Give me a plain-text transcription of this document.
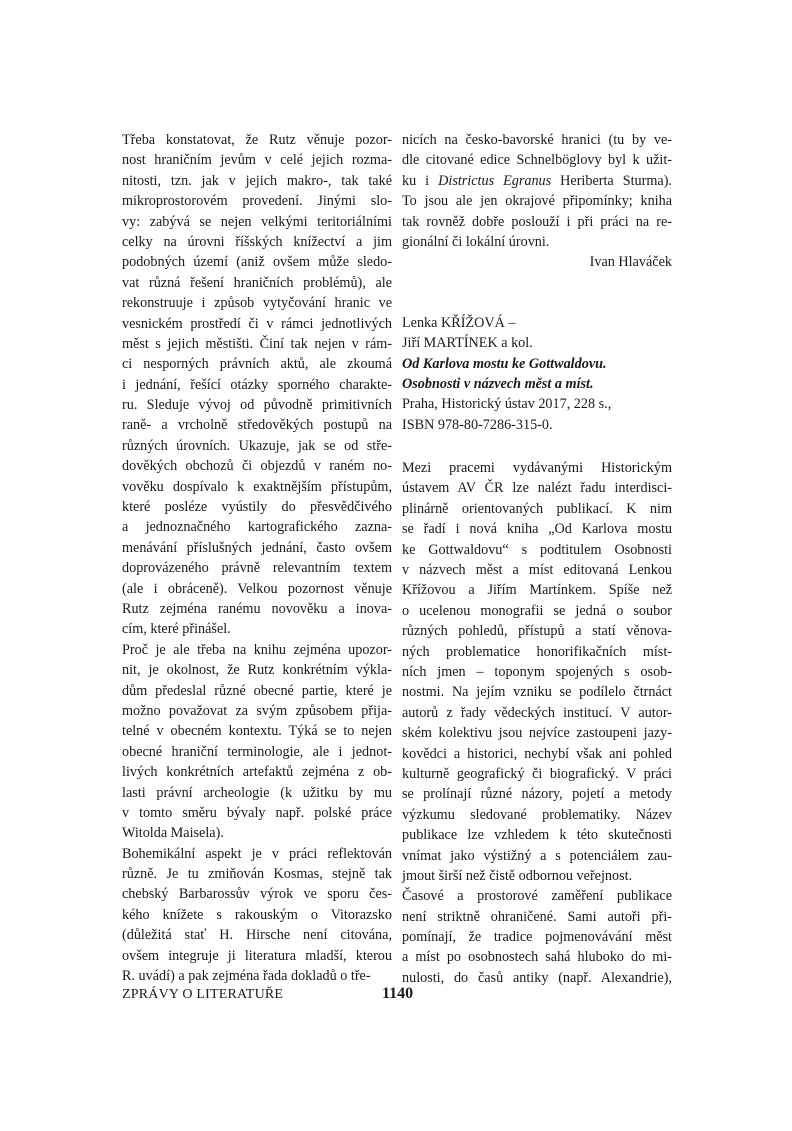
Třeba konstatovat, že Rutz věnuje pozor-
nost hraničním jevům v celé jejich rozma-
nitosti, tzn. jak v jejich makro-, tak také
mikroprostorovém provedení. Jinými slo-
vy: zabývá se nejen velkými teritoriálními
celky na úrovni říšských knížectví a jim
podobných území (aniž ovšem může sledo-
vat různá řešení hraničních problémů), ale
rekonstruuje i způsob vytyčování hranic ve
vesnickém prostředí či v rámci jednotlivých
měst s jejich městišti. Činí tak nejen v rám-
ci nesporných právních aktů, ale zkoumá
i jednání, řešící otázky sporného charakte-
ru. Sleduje vývoj od původně primitivních
raně- a vrcholně středověkých postupů na
různých úrovních. Ukazuje, jak se od stře-
dověkých obchozů či objezdů v raném no-
vověku dospívalo k exaktnějším přístupům,
které posléze vyústily do přesvědčivého
a jednoznačného kartografického zazna-
menávání příslušných jednání, často ovšem
doprovázeného právně relevantním textem
(ale i obráceně). Velkou pozornost věnuje
Rutz zejména ranému novověku a inova-
cím, které přinášel.
Proč je ale třeba na knihu zejména upozor-
nit, je okolnost, že Rutz konkrétním výkla-
dům předeslal různé obecné partie, které je
možno považovat za svým způsobem přija-
telné v obecném kontextu. Týká se to nejen
obecné hraniční terminologie, ale i jednot-
livých konkrétních artefaktů zejména z ob-
lasti právní archeologie (k užitku by mu
v tomto směru bývaly např. polské práce
Witolda Maisela).
Bohemikální aspekt je v práci reflektován
různě. Je tu zmiňován Kosmas, stejně tak
chebský Barbarossův výrok ve sporu čes-
kého knížete s rakouským o Vitorazsko
(důležitá stať H. Hirsche není citována,
ovšem integruje ji literatura mladší, kterou
R. uvádí) a pak zejména řada dokladů o tře-
nicích na česko-bavorské hranici (tu by ve-
dle citované edice Schnelböglovy byl k užit-
ku i Districtus Egranus Heriberta Sturma).
To jsou ale jen okrajové připomínky; kniha
tak rovněž dobře poslouží i při práci na re-
gionální či lokální úrovni.
Ivan Hlaváček
Lenka KŘÍŽOVÁ –
Jiří MARTÍNEK a kol.
Od Karlova mostu ke Gottwaldovu.
Osobnosti v názvech měst a míst.
Praha, Historický ústav 2017, 228 s.,
ISBN 978-80-7286-315-0.
Mezi pracemi vydávanými Historickým
ústavem AV ČR lze nalézt řadu interdisci-
plinárně orientovaných publikací. K nim
se řadí i nová kniha „Od Karlova mostu
ke Gottwaldovu“ s podtitulem Osobnosti
v názvech měst a míst editovaná Lenkou
Křížovou a Jiřím Martínkem. Spíše než
o ucelenou monografii se jedná o soubor
různých pohledů, přístupů a statí věnova-
ných problematice honorifikačních míst-
ních jmen – toponym spojených s osob-
nostmi. Na jejím vzniku se podílelo čtrnáct
autorů z řady vědeckých institucí. V autor-
ském kolektivu jsou nejvíce zastoupeni jazy-
kovědci a historici, nechybí však ani pohled
kulturně geografický či biografický. V práci
se prolínají různé názory, pojetí a metody
výzkumu sledované problematiky. Název
publikace lze vzhledem k této skutečnosti
vnímat jako výstižný a s potenciálem zau-
jmout širší než čistě odbornou veřejnost.
Časové a prostorové zaměření publikace
není striktně ohraničené. Sami autoři při-
pomínají, že tradice pojmenovávání měst
a míst po osobnostech sahá hluboko do mi-
nulosti, do časů antiky (např. Alexandrie),
ZPRÁVY O LITERATUŘE	1140
